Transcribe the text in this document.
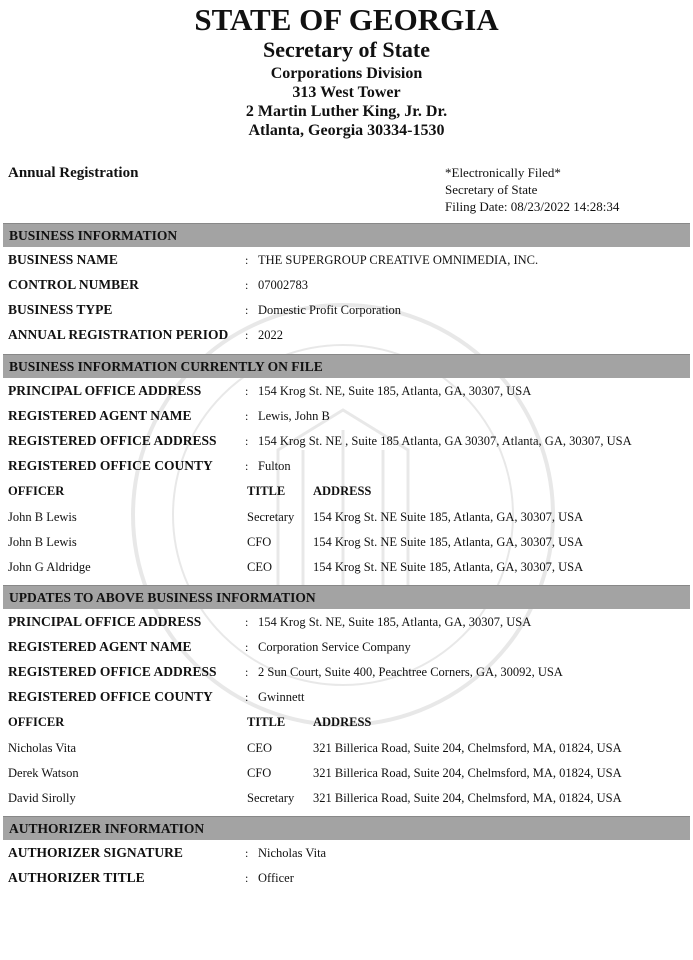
STATE OF GEORGIA
Secretary of State
Corporations Division
313 West Tower
2 Martin Luther King, Jr. Dr.
Atlanta, Georgia 30334-1530
Annual Registration	*Electronically Filed*
Secretary of State
Filing Date: 08/23/2022 14:28:34
BUSINESS INFORMATION
BUSINESS NAME	: THE SUPERGROUP CREATIVE OMNIMEDIA, INC.
CONTROL NUMBER	: 07002783
BUSINESS TYPE	: Domestic Profit Corporation
ANNUAL REGISTRATION PERIOD : 2022
BUSINESS INFORMATION CURRENTLY ON FILE
PRINCIPAL OFFICE ADDRESS	: 154 Krog St. NE, Suite 185, Atlanta, GA, 30307, USA
REGISTERED AGENT NAME	: Lewis, John B
REGISTERED OFFICE ADDRESS : 154 Krog St. NE , Suite 185 Atlanta, GA 30307, Atlanta, GA, 30307, USA
REGISTERED OFFICE COUNTY	: Fulton
OFFICER	TITLE ADDRESS
John B Lewis	Secretary 154 Krog St. NE Suite 185, Atlanta, GA, 30307, USA
John B Lewis	CFO	154 Krog St. NE Suite 185, Atlanta, GA, 30307, USA
John G Aldridge	CEO	154 Krog St. NE Suite 185, Atlanta, GA, 30307, USA
UPDATES TO ABOVE BUSINESS INFORMATION
PRINCIPAL OFFICE ADDRESS	: 154 Krog St. NE, Suite 185, Atlanta, GA, 30307, USA
REGISTERED AGENT NAME	: Corporation Service Company
REGISTERED OFFICE ADDRESS : 2 Sun Court, Suite 400, Peachtree Corners, GA, 30092, USA
REGISTERED OFFICE COUNTY	: Gwinnett
OFFICER	TITLE ADDRESS
Nicholas Vita	CEO	321 Billerica Road, Suite 204, Chelmsford, MA, 01824, USA
Derek Watson	CFO	321 Billerica Road, Suite 204, Chelmsford, MA, 01824, USA
David Sirolly	Secretary 321 Billerica Road, Suite 204, Chelmsford, MA, 01824, USA
AUTHORIZER INFORMATION
AUTHORIZER SIGNATURE	: Nicholas Vita
AUTHORIZER TITLE	: Officer
